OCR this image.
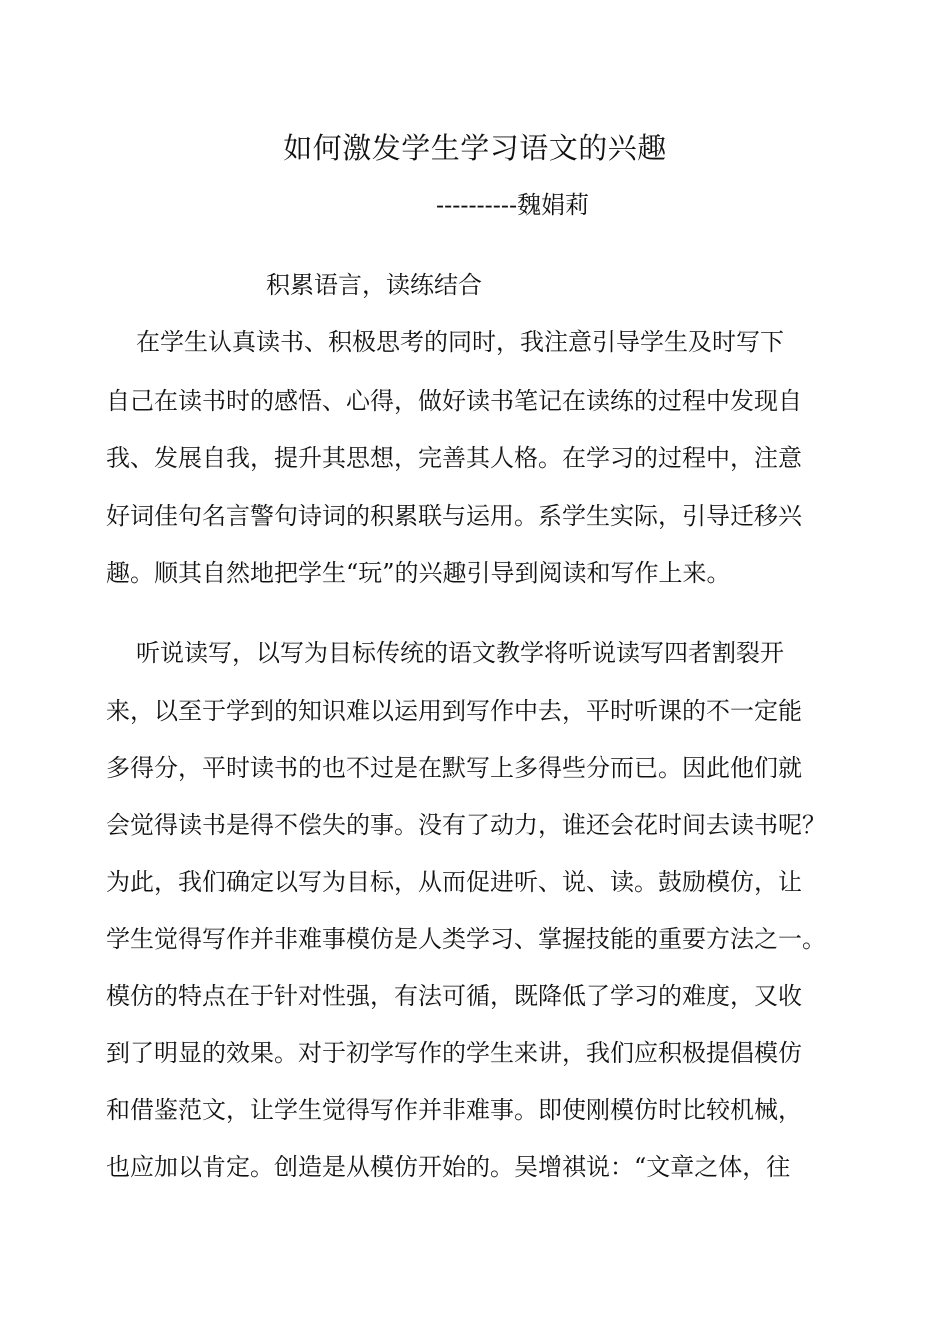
如何激发学生学习语文的兴趣
----------魏娟莉
积累语言，读练结合
在学生认真读书、积极思考的同时，我注意引导学生及时写下
自己在读书时的感悟、心得，做好读书笔记在读练的过程中发现自
我、发展自我，提升其思想，完善其人格。在学习的过程中，注意
好词佳句名言警句诗词的积累联与运用。系学生实际，引导迁移兴
趣。顺其自然地把学生“玩”的兴趣引导到阅读和写作上来。
听说读写，以写为目标传统的语文教学将听说读写四者割裂开
来，以至于学到的知识难以运用到写作中去，平时听课的不一定能
多得分，平时读书的也不过是在默写上多得些分而已。因此他们就
会觉得读书是得不偿失的事。没有了动力，谁还会花时间去读书呢？
为此，我们确定以写为目标，从而促进听、说、读。鼓励模仿，让
学生觉得写作并非难事模仿是人类学习、掌握技能的重要方法之一。
模仿的特点在于针对性强，有法可循，既降低了学习的难度，又收
到了明显的效果。对于初学写作的学生来讲，我们应积极提倡模仿
和借鉴范文，让学生觉得写作并非难事。即使刚模仿时比较机械，
也应加以肯定。创造是从模仿开始的。吴增祺说：“文章之体，往
